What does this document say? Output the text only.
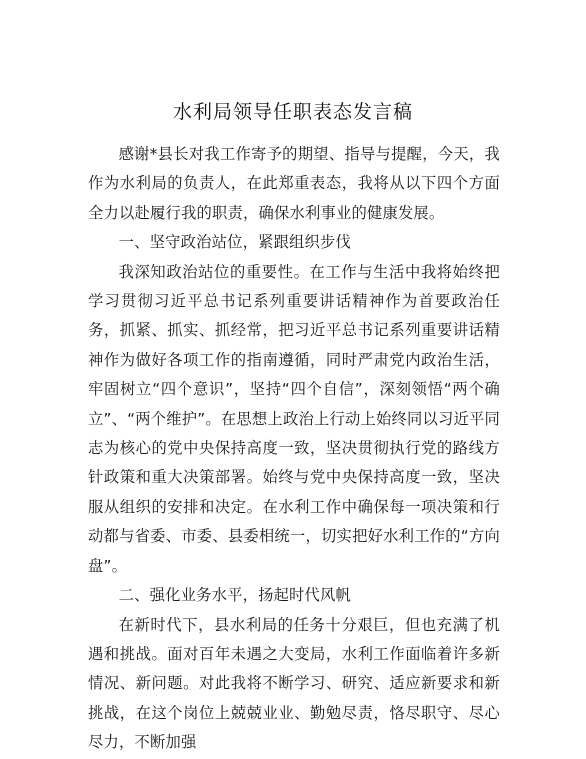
水利局领导任职表态发言稿

感谢*县长对我工作寄予的期望、指导与提醒，今天，我作为水利局的负责人，在此郑重表态，我将从以下四个方面全力以赴履行我的职责，确保水利事业的健康发展。

一、坚守政治站位，紧跟组织步伐

我深知政治站位的重要性。在工作与生活中我将始终把学习贯彻习近平总书记系列重要讲话精神作为首要政治任务，抓紧、抓实、抓经常，把习近平总书记系列重要讲话精神作为做好各项工作的指南遵循，同时严肃党内政治生活，牢固树立“四个意识”，坚持“四个自信”，深刻领悟“两个确立”、“两个维护”。在思想上政治上行动上始终同以习近平同志为核心的党中央保持高度一致，坚决贯彻执行党的路线方针政策和重大决策部署。始终与党中央保持高度一致，坚决服从组织的安排和决定。在水利工作中确保每一项决策和行动都与省委、市委、县委相统一，切实把好水利工作的“方向盘”。

二、强化业务水平，扬起时代风帆

在新时代下，县水利局的任务十分艰巨，但也充满了机遇和挑战。面对百年未遇之大变局，水利工作面临着许多新情况、新问题。对此我将不断学习、研究、适应新要求和新挑战，在这个岗位上兢兢业业、勤勉尽责，恪尽职守、尽心尽力，不断加强
